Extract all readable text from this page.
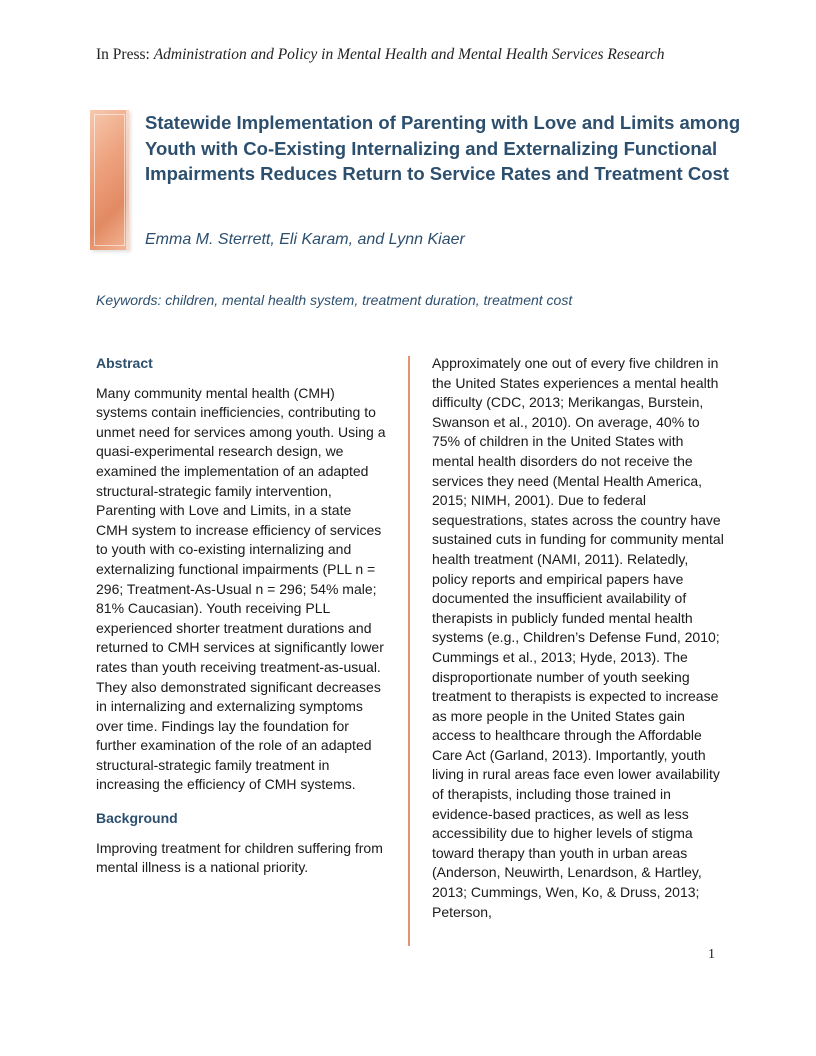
In Press: Administration and Policy in Mental Health and Mental Health Services Research
Statewide Implementation of Parenting with Love and Limits among Youth with Co-Existing Internalizing and Externalizing Functional Impairments Reduces Return to Service Rates and Treatment Cost
Emma M. Sterrett, Eli Karam, and Lynn Kiaer
Keywords: children, mental health system, treatment duration, treatment cost
Abstract

Many community mental health (CMH) systems contain inefficiencies, contributing to unmet need for services among youth. Using a quasi-experimental research design, we examined the implementation of an adapted structural-strategic family intervention, Parenting with Love and Limits, in a state CMH system to increase efficiency of services to youth with co-existing internalizing and externalizing functional impairments (PLL n = 296; Treatment-As-Usual n = 296; 54% male; 81% Caucasian). Youth receiving PLL experienced shorter treatment durations and returned to CMH services at significantly lower rates than youth receiving treatment-as-usual. They also demonstrated significant decreases in internalizing and externalizing symptoms over time. Findings lay the foundation for further examination of the role of an adapted structural-strategic family treatment in increasing the efficiency of CMH systems.

Background

Improving treatment for children suffering from mental illness is a national priority.

Approximately one out of every five children in the United States experiences a mental health difficulty (CDC, 2013; Merikangas, Burstein, Swanson et al., 2010). On average, 40% to 75% of children in the United States with mental health disorders do not receive the services they need (Mental Health America, 2015; NIMH, 2001). Due to federal sequestrations, states across the country have sustained cuts in funding for community mental health treatment (NAMI, 2011). Relatedly, policy reports and empirical papers have documented the insufficient availability of therapists in publicly funded mental health systems (e.g., Children’s Defense Fund, 2010; Cummings et al., 2013; Hyde, 2013). The disproportionate number of youth seeking treatment to therapists is expected to increase as more people in the United States gain access to healthcare through the Affordable Care Act (Garland, 2013). Importantly, youth living in rural areas face even lower availability of therapists, including those trained in evidence-based practices, as well as less accessibility due to higher levels of stigma toward therapy than youth in urban areas (Anderson, Neuwirth, Lenardson, & Hartley, 2013; Cummings, Wen, Ko, & Druss, 2013; Peterson,

1
